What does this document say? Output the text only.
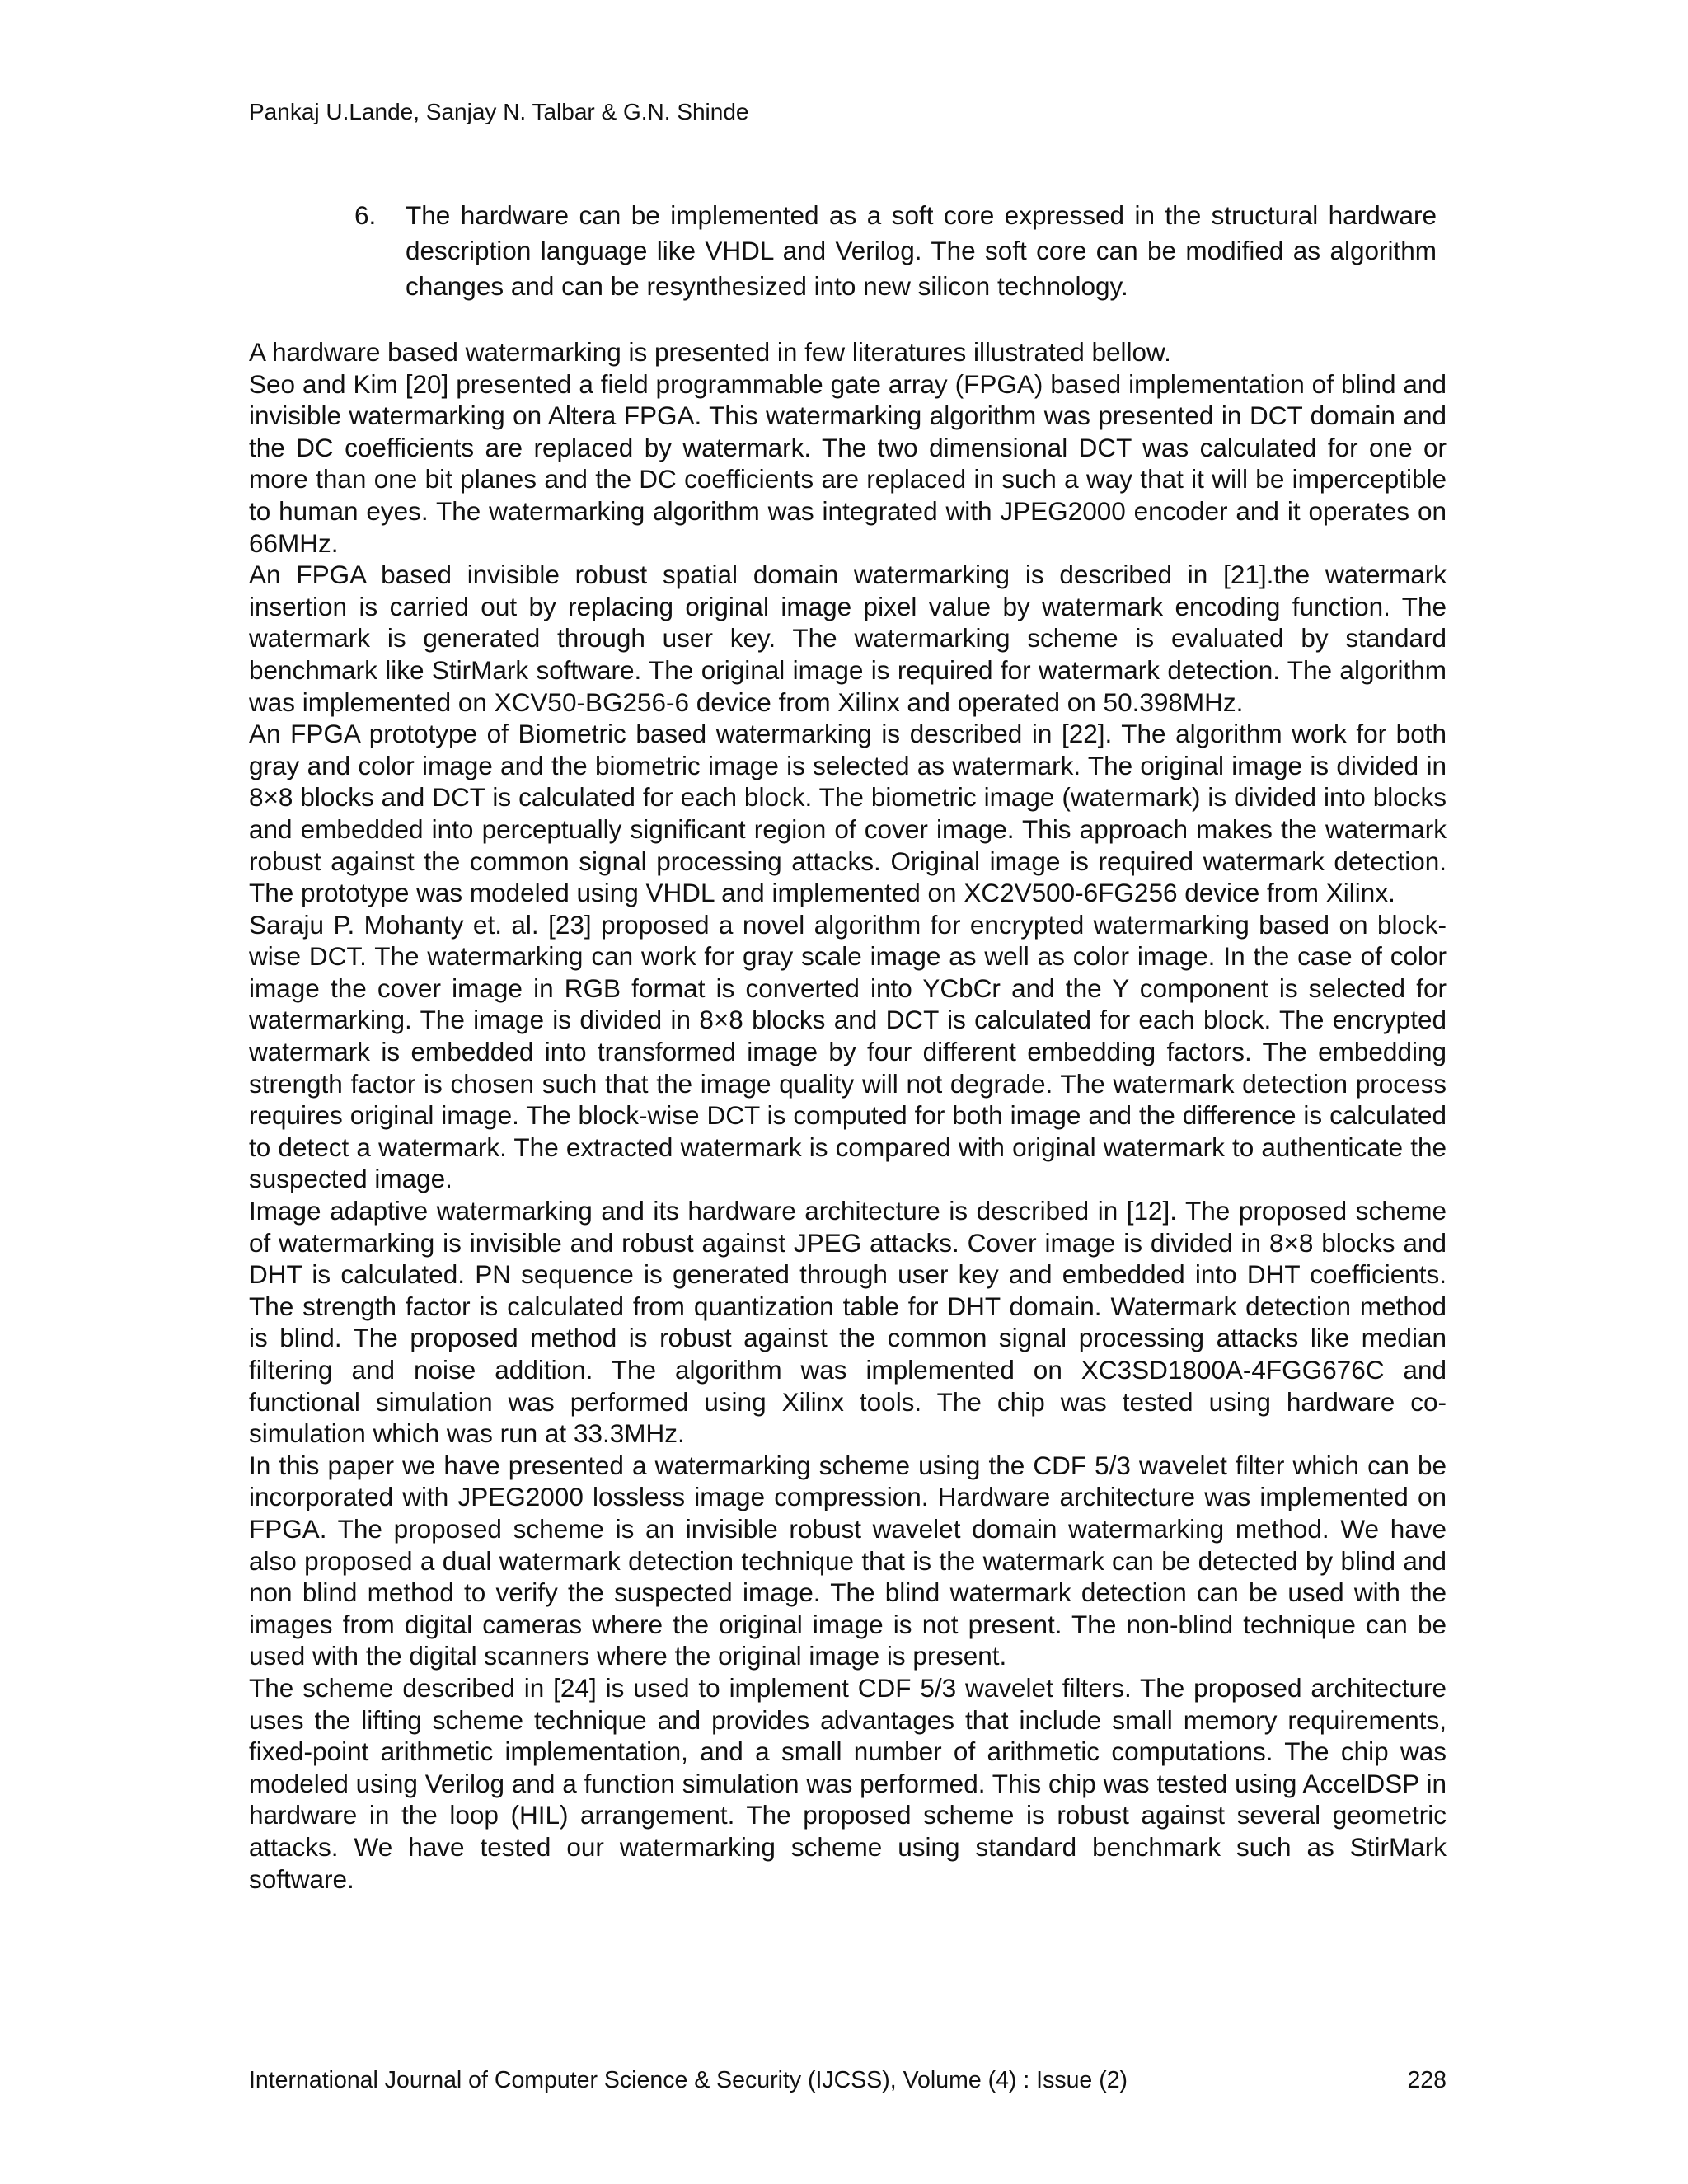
Pankaj U.Lande, Sanjay N. Talbar & G.N. Shinde
6. The hardware can be implemented as a soft core expressed in the structural hardware description language like VHDL and Verilog. The soft core can be modified as algorithm changes and can be resynthesized into new silicon technology.

A hardware based watermarking is presented in few literatures illustrated bellow.

Seo and Kim [20] presented a field programmable gate array (FPGA) based implementation of blind and invisible watermarking on Altera FPGA. This watermarking algorithm was presented in DCT domain and the DC coefficients are replaced by watermark. The two dimensional DCT was calculated for one or more than one bit planes and the DC coefficients are replaced in such a way that it will be imperceptible to human eyes. The watermarking algorithm was integrated with JPEG2000 encoder and it operates on 66MHz.

An FPGA based invisible robust spatial domain watermarking is described in [21].the watermark insertion is carried out by replacing original image pixel value by watermark encoding function. The watermark is generated through user key. The watermarking scheme is evaluated by standard benchmark like StirMark software. The original image is required for watermark detection. The algorithm was implemented on XCV50-BG256-6 device from Xilinx and operated on 50.398MHz.

An FPGA prototype of Biometric based watermarking is described in [22]. The algorithm work for both gray and color image and the biometric image is selected as watermark. The original image is divided in 8×8 blocks and DCT is calculated for each block. The biometric image (watermark) is divided into blocks and embedded into perceptually significant region of cover image. This approach makes the watermark robust against the common signal processing attacks. Original image is required watermark detection. The prototype was modeled using VHDL and implemented on XC2V500-6FG256 device from Xilinx.

Saraju P. Mohanty et. al. [23] proposed a novel algorithm for encrypted watermarking based on block-wise DCT. The watermarking can work for gray scale image as well as color image. In the case of color image the cover image in RGB format is converted into YCbCr and the Y component is selected for watermarking. The image is divided in 8×8 blocks and DCT is calculated for each block. The encrypted watermark is embedded into transformed image by four different embedding factors. The embedding strength factor is chosen such that the image quality will not degrade. The watermark detection process requires original image. The block-wise DCT is computed for both image and the difference is calculated to detect a watermark. The extracted watermark is compared with original watermark to authenticate the suspected image.

Image adaptive watermarking and its hardware architecture is described in [12]. The proposed scheme of watermarking is invisible and robust against JPEG attacks. Cover image is divided in 8×8 blocks and DHT is calculated. PN sequence is generated through user key and embedded into DHT coefficients. The strength factor is calculated from quantization table for DHT domain. Watermark detection method is blind. The proposed method is robust against the common signal processing attacks like median filtering and noise addition. The algorithm was implemented on XC3SD1800A-4FGG676C and functional simulation was performed using Xilinx tools. The chip was tested using hardware co-simulation which was run at 33.3MHz.

In this paper we have presented a watermarking scheme using the CDF 5/3 wavelet filter which can be incorporated with JPEG2000 lossless image compression. Hardware architecture was implemented on FPGA. The proposed scheme is an invisible robust wavelet domain watermarking method. We have also proposed a dual watermark detection technique that is the watermark can be detected by blind and non blind method to verify the suspected image. The blind watermark detection can be used with the images from digital cameras where the original image is not present. The non-blind technique can be used with the digital scanners where the original image is present.

The scheme described in [24] is used to implement CDF 5/3 wavelet filters. The proposed architecture uses the lifting scheme technique and provides advantages that include small memory requirements, fixed-point arithmetic implementation, and a small number of arithmetic computations. The chip was modeled using Verilog and a function simulation was performed. This chip was tested using AccelDSP in hardware in the loop (HIL) arrangement. The proposed scheme is robust against several geometric attacks. We have tested our watermarking scheme using standard benchmark such as StirMark software.

International Journal of Computer Science & Security (IJCSS), Volume (4) : Issue (2)	228
